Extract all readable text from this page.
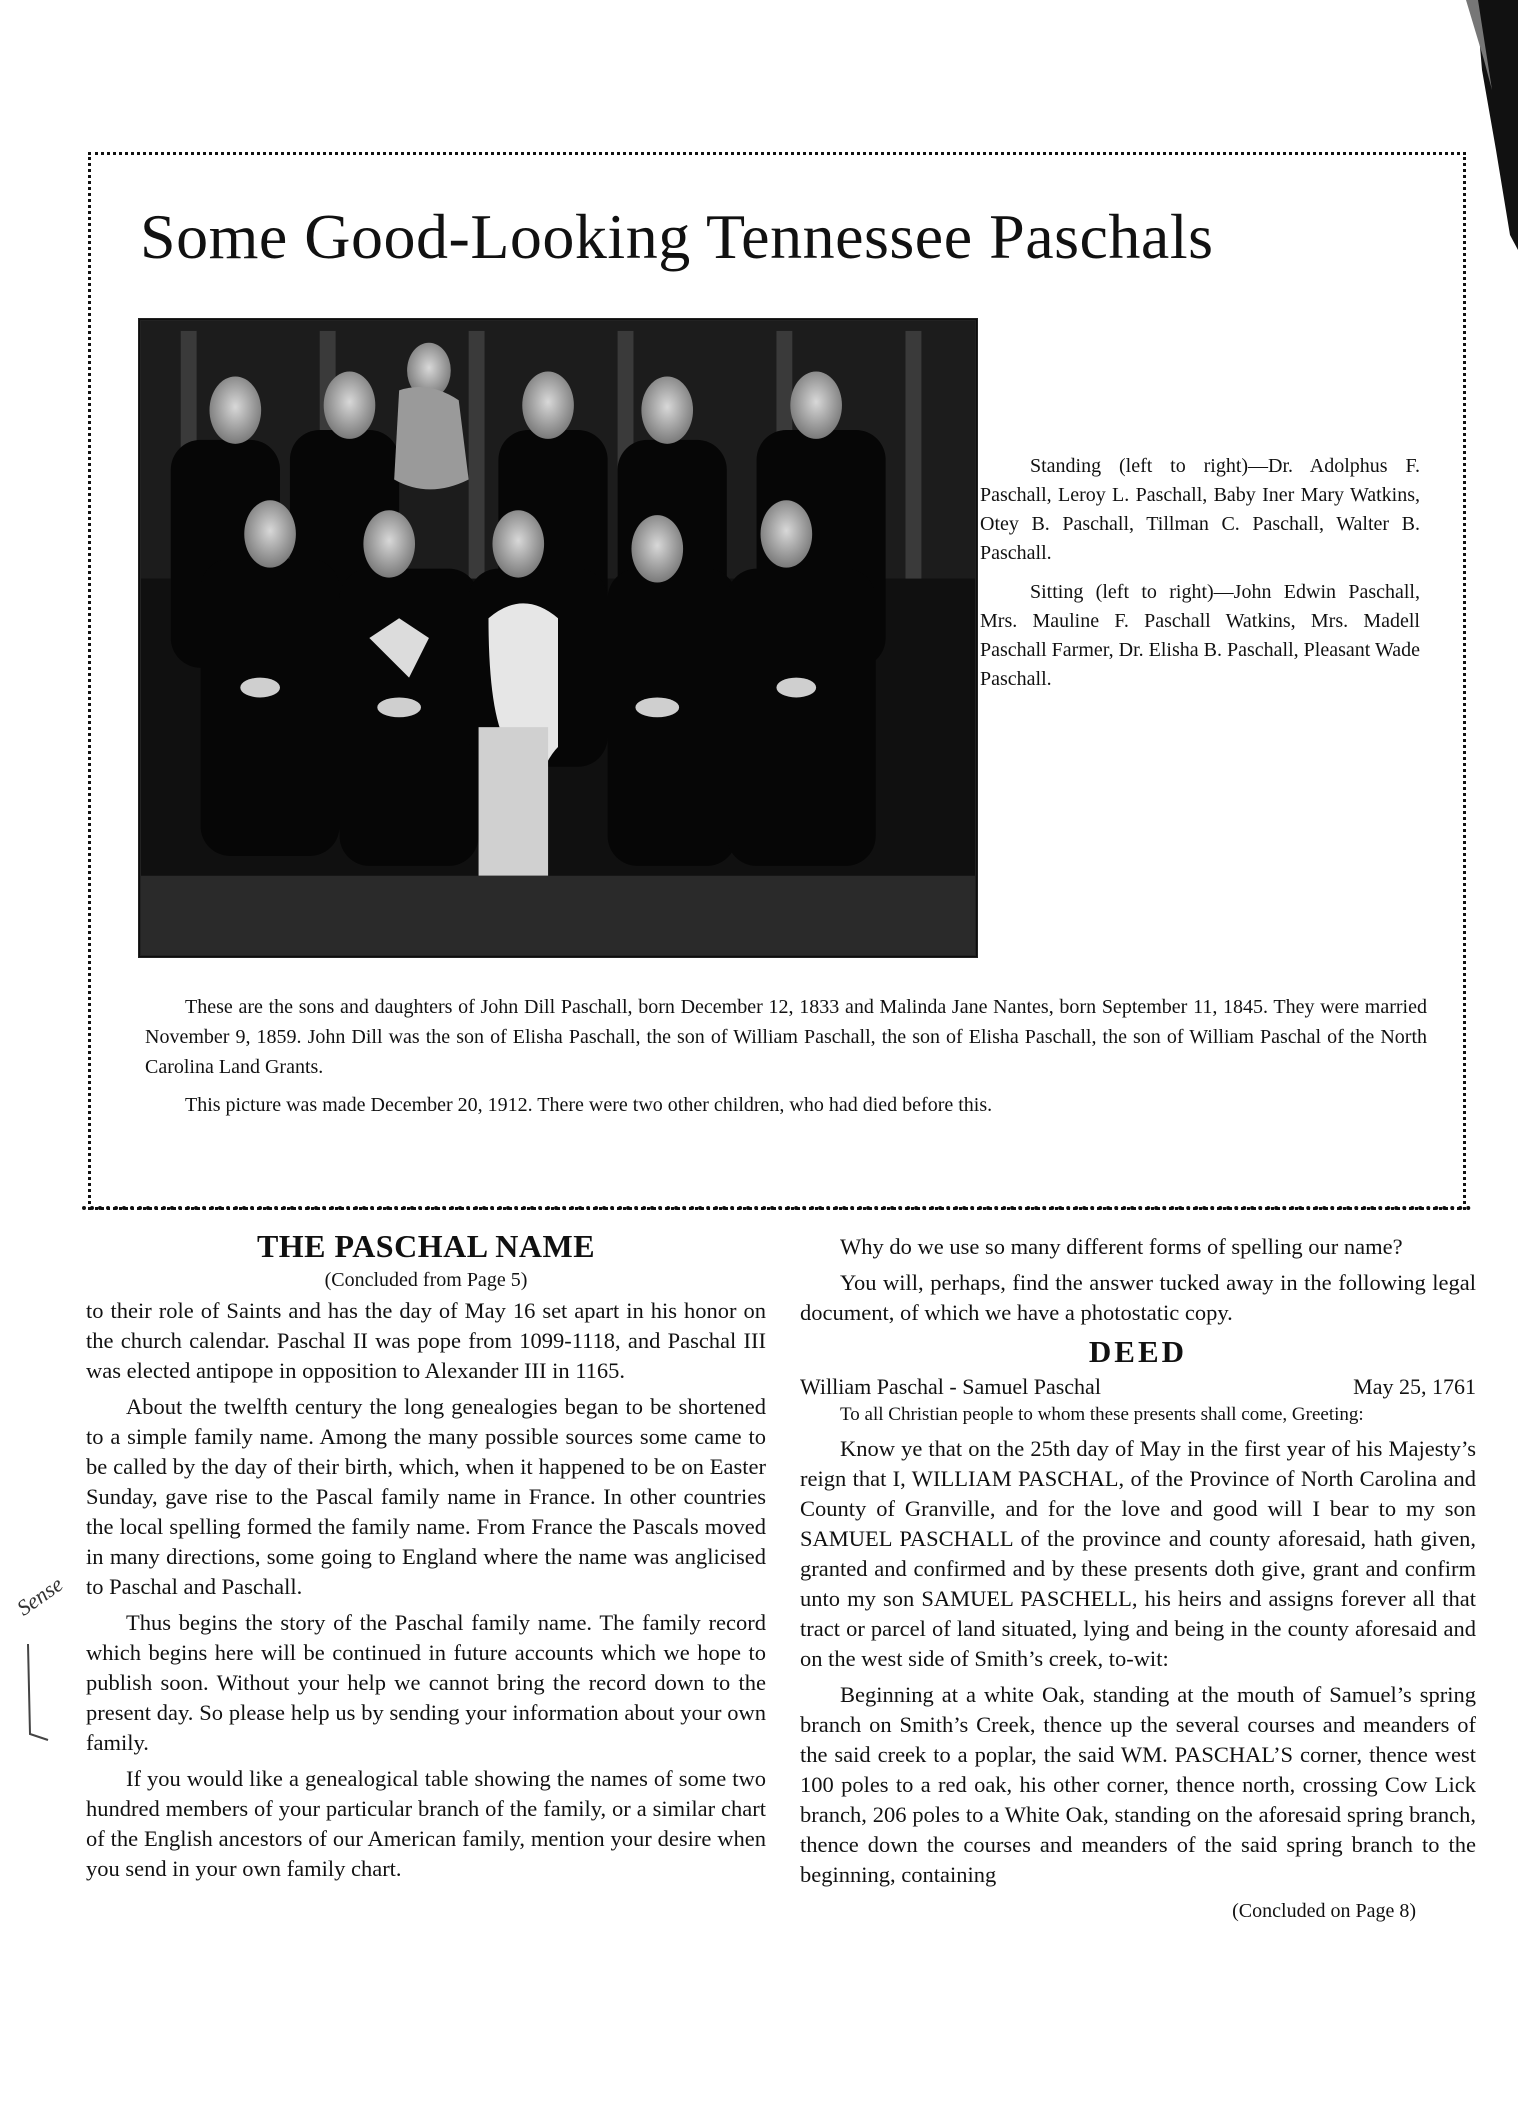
Some Good-Looking Tennessee Paschals

Standing (left to right)—Dr. Adolphus F. Paschall, Leroy L. Paschall, Baby Iner Mary Watkins, Otey B. Paschall, Tillman C. Paschall, Walter B. Paschall.

Sitting (left to right)—John Edwin Paschall, Mrs. Mauline F. Paschall Watkins, Mrs. Madell Paschall Farmer, Dr. Elisha B. Paschall, Pleasant Wade Paschall.

These are the sons and daughters of John Dill Paschall, born December 12, 1833 and Malinda Jane Nantes, born September 11, 1845. They were married November 9, 1859. John Dill was the son of Elisha Paschall, the son of William Paschall, the son of Elisha Paschall, the son of William Paschal of the North Carolina Land Grants.

This picture was made December 20, 1912. There were two other children, who had died before this.

Sense
THE PASCHAL NAME
(Concluded from Page 5)

to their role of Saints and has the day of May 16 set apart in his honor on the church calendar. Paschal II was pope from 1099-1118, and Paschal III was elected antipope in opposition to Alexander III in 1165.

About the twelfth century the long genealogies began to be shortened to a simple family name. Among the many possible sources some came to be called by the day of their birth, which, when it happened to be on Easter Sunday, gave rise to the Pascal family name in France. In other countries the local spelling formed the family name. From France the Pascals moved in many directions, some going to England where the name was anglicised to Paschal and Paschall.

Thus begins the story of the Paschal family name. The family record which begins here will be continued in future accounts which we hope to publish soon. Without your help we cannot bring the record down to the present day. So please help us by sending your information about your own family.

If you would like a genealogical table showing the names of some two hundred members of your particular branch of the family, or a similar chart of the English ancestors of our American family, mention your desire when you send in your own family chart.

Why do we use so many different forms of spelling our name?

You will, perhaps, find the answer tucked away in the following legal document, of which we have a photostatic copy.

DEED
William Paschal - Samuel Paschal	May 25, 1761

To all Christian people to whom these presents shall come, Greeting:

Know ye that on the 25th day of May in the first year of his Majesty’s reign that I, WILLIAM PASCHAL, of the Province of North Carolina and County of Granville, and for the love and good will I bear to my son SAMUEL PASCHALL of the province and county aforesaid, hath given, granted and confirmed and by these presents doth give, grant and confirm unto my son SAMUEL PASCHELL, his heirs and assigns forever all that tract or parcel of land situated, lying and being in the county aforesaid and on the west side of Smith’s creek, to-wit:

Beginning at a white Oak, standing at the mouth of Samuel’s spring branch on Smith’s Creek, thence up the several courses and meanders of the said creek to a poplar, the said WM. PASCHAL’S corner, thence west 100 poles to a red oak, his other corner, thence north, crossing Cow Lick branch, 206 poles to a White Oak, standing on the aforesaid spring branch, thence down the courses and meanders of the said spring branch to the beginning, containing

(Concluded on Page 8)
